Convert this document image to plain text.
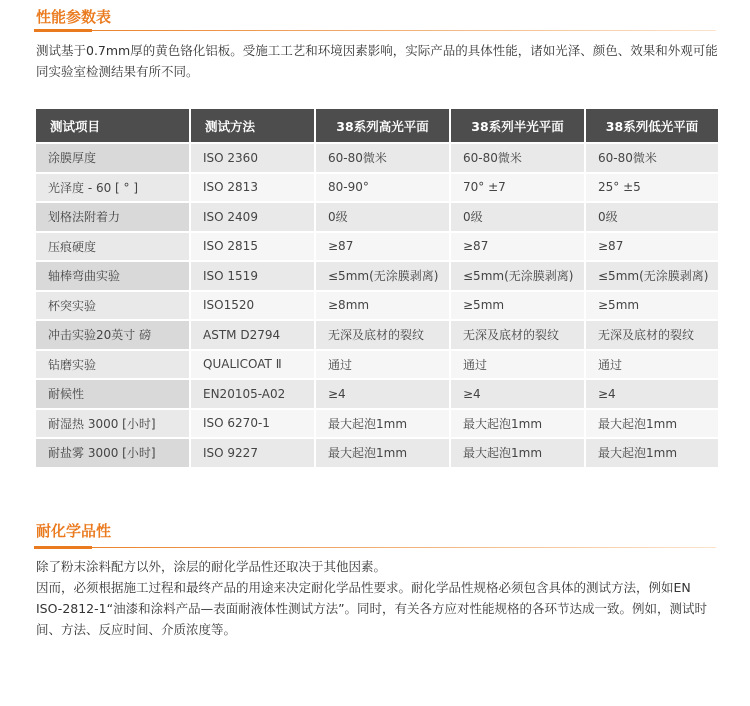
性能参数表

测试基于0.7mm厚的黄色铬化铝板。受施工工艺和环境因素影响，实际产品的具体性能，诸如光泽、颜色、效果和外观可能同实验室检测结果有所不同。

测试项目	测试方法	38系列高光平面	38系列半光平面	38系列低光平面
涂膜厚度	ISO 2360	60-80微米	60-80微米	60-80微米
光泽度 - 60 [ ° ]	ISO 2813	80-90°	70° ±7	25° ±5
划格法附着力	ISO 2409	0级	0级	0级
压痕硬度	ISO 2815	≥87	≥87	≥87
轴棒弯曲实验	ISO 1519	≤5mm(无涂膜剥离)	≤5mm(无涂膜剥离)	≤5mm(无涂膜剥离)
杯突实验	ISO1520	≥8mm	≥5mm	≥5mm
冲击实验20英寸 磅	ASTM D2794	无深及底材的裂纹	无深及底材的裂纹	无深及底材的裂纹
钻磨实验	QUALICOAT Ⅱ	通过	通过	通过
耐候性	EN20105-A02	≥4	≥4	≥4
耐湿热 3000 [小时]	ISO 6270-1	最大起泡1mm	最大起泡1mm	最大起泡1mm
耐盐雾 3000 [小时]	ISO 9227	最大起泡1mm	最大起泡1mm	最大起泡1mm
耐化学品性

除了粉末涂料配方以外，涂层的耐化学品性还取决于其他因素。

因而，必须根据施工过程和最终产品的用途来决定耐化学品性要求。耐化学品性规格必须包含具体的测试方法，例如EN ISO-2812-1“油漆和涂料产品—表面耐液体性测试方法”。同时，有关各方应对性能规格的各环节达成一致。例如，测试时间、方法、反应时间、介质浓度等。
